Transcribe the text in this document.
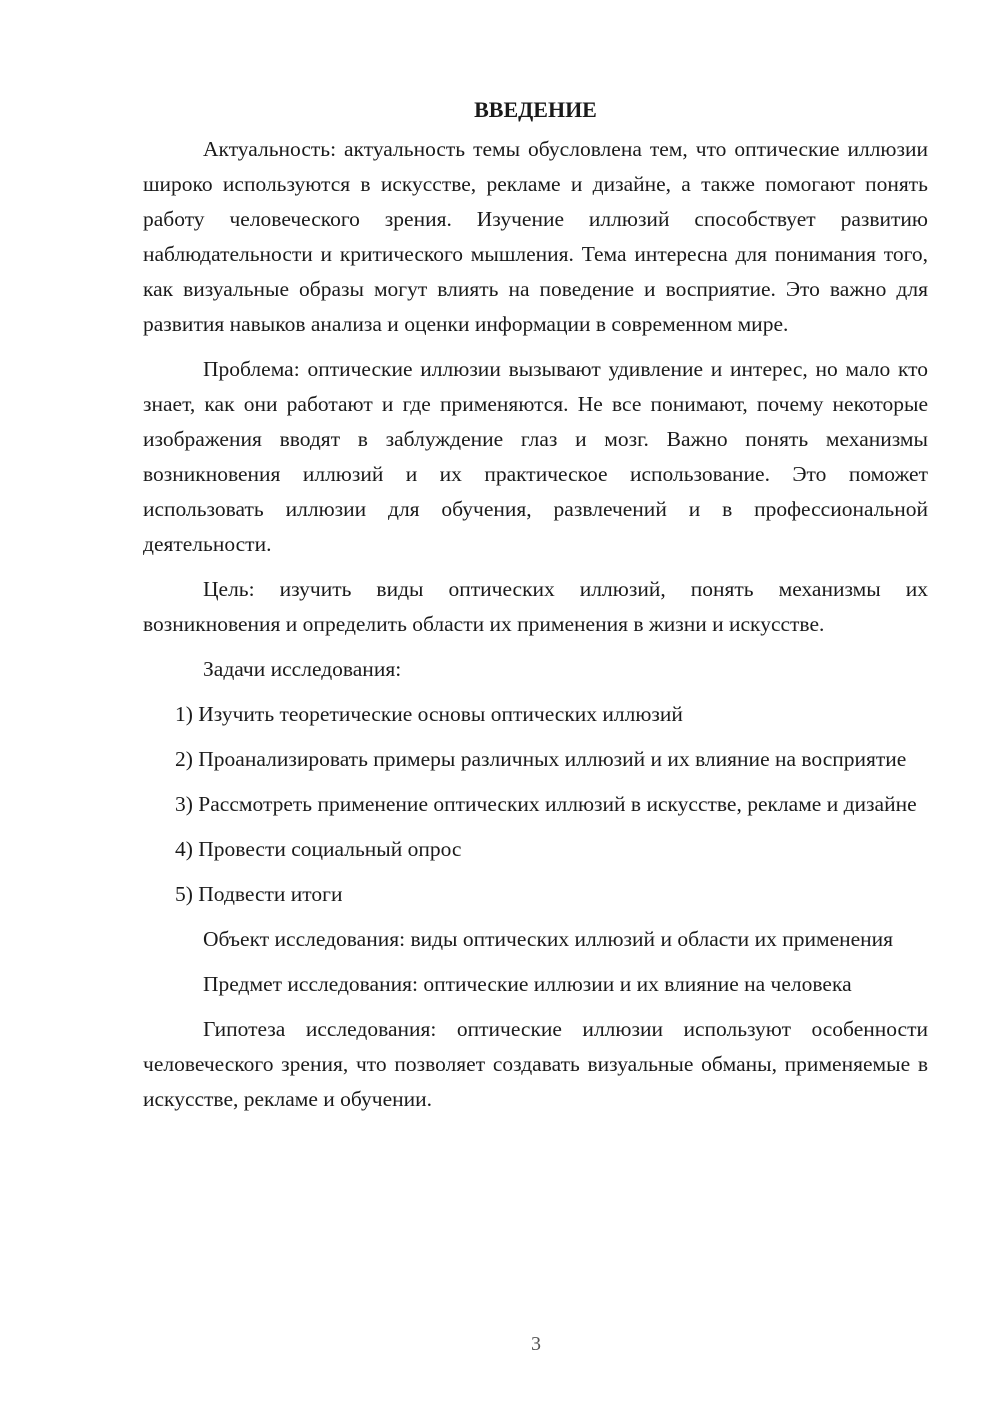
ВВЕДЕНИЕ

Актуальность: актуальность темы обусловлена тем, что оптические иллюзии широко используются в искусстве, рекламе и дизайне, а также помогают понять работу человеческого зрения. Изучение иллюзий способствует развитию наблюдательности и критического мышления. Тема интересна для понимания того, как визуальные образы могут влиять на поведение и восприятие. Это важно для развития навыков анализа и оценки информации в современном мире.

Проблема: оптические иллюзии вызывают удивление и интерес, но мало кто знает, как они работают и где применяются. Не все понимают, почему некоторые изображения вводят в заблуждение глаз и мозг. Важно понять механизмы возникновения иллюзий и их практическое использование. Это поможет использовать иллюзии для обучения, развлечений и в профессиональной деятельности.

Цель: изучить виды оптических иллюзий, понять механизмы их возникновения и определить области их применения в жизни и искусстве.

Задачи исследования:

1) Изучить теоретические основы оптических иллюзий

2) Проанализировать примеры различных иллюзий и их влияние на восприятие

3) Рассмотреть применение оптических иллюзий в искусстве, рекламе и дизайне

4) Провести социальный опрос

5) Подвести итоги

Объект исследования: виды оптических иллюзий и области их применения

Предмет исследования: оптические иллюзии и их влияние на человека

Гипотеза исследования: оптические иллюзии используют особенности человеческого зрения, что позволяет создавать визуальные обманы, применяемые в искусстве, рекламе и обучении.

3
